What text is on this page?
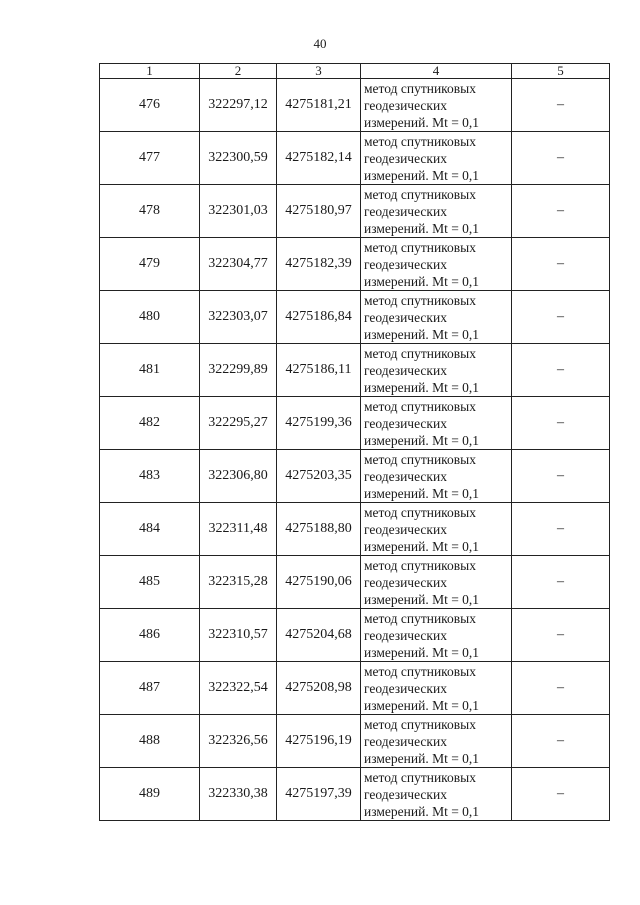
40
1	2	3	4	5
476	322297,12	4275181,21	метод спутниковых
геодезических
измерений. Mt = 0,1	–
477	322300,59	4275182,14	метод спутниковых
геодезических
измерений. Mt = 0,1	–
478	322301,03	4275180,97	метод спутниковых
геодезических
измерений. Mt = 0,1	–
479	322304,77	4275182,39	метод спутниковых
геодезических
измерений. Mt = 0,1	–
480	322303,07	4275186,84	метод спутниковых
геодезических
измерений. Mt = 0,1	–
481	322299,89	4275186,11	метод спутниковых
геодезических
измерений. Mt = 0,1	–
482	322295,27	4275199,36	метод спутниковых
геодезических
измерений. Mt = 0,1	–
483	322306,80	4275203,35	метод спутниковых
геодезических
измерений. Mt = 0,1	–
484	322311,48	4275188,80	метод спутниковых
геодезических
измерений. Mt = 0,1	–
485	322315,28	4275190,06	метод спутниковых
геодезических
измерений. Mt = 0,1	–
486	322310,57	4275204,68	метод спутниковых
геодезических
измерений. Mt = 0,1	–
487	322322,54	4275208,98	метод спутниковых
геодезических
измерений. Mt = 0,1	–
488	322326,56	4275196,19	метод спутниковых
геодезических
измерений. Mt = 0,1	–
489	322330,38	4275197,39	метод спутниковых
геодезических
измерений. Mt = 0,1	–
